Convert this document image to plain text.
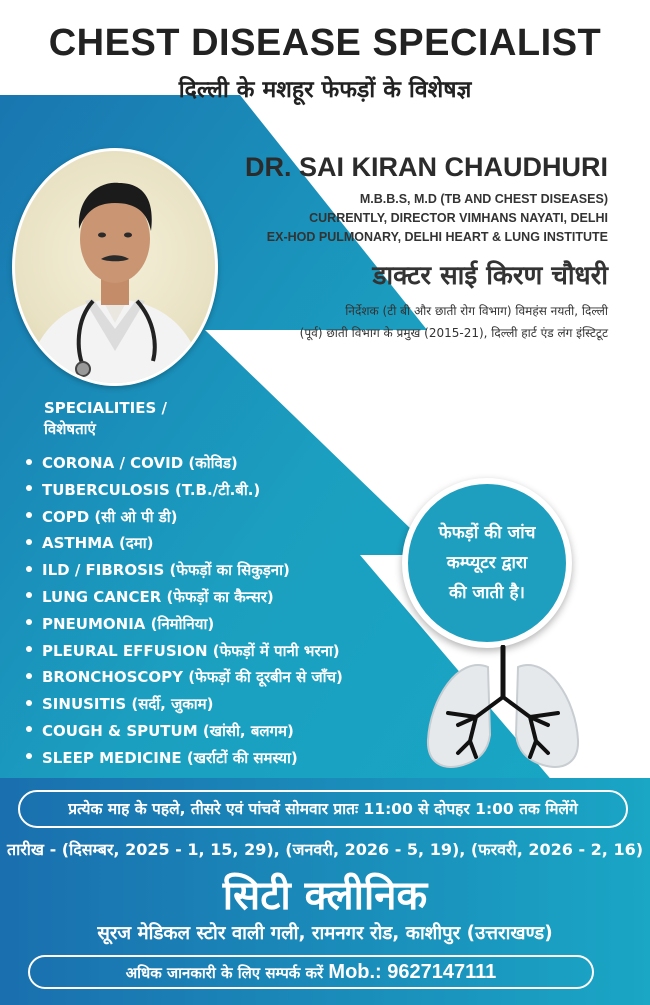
CHEST DISEASE SPECIALIST
दिल्ली के मशहूर फेफड़ों के विशेषज्ञ
DR. SAI KIRAN CHAUDHURI
M.B.B.S, M.D (TB AND CHEST DISEASES)
CURRENTLY, DIRECTOR VIMHANS NAYATI, DELHI
EX-HOD PULMONARY, DELHI HEART & LUNG INSTITUTE
डाक्टर साई किरण चौधरी
निर्देशक (टी बी और छाती रोग विभाग) विमहंस नयती, दिल्ली
(पूर्व) छाती विभाग के प्रमुख (2015-21), दिल्ली हार्ट एंड लंग इंस्टिटूट
SPECIALITIES /
विशेषताएं
CORONA / COVID (कोविड)
TUBERCULOSIS (T.B./टी.बी.)
COPD (सी ओ पी डी)
ASTHMA (दमा)
ILD / FIBROSIS (फेफड़ों का सिकुड़ना)
LUNG CANCER (फेफड़ों का कैन्सर)
PNEUMONIA (निमोनिया)
PLEURAL EFFUSION (फेफड़ों में पानी भरना)
BRONCHOSCOPY (फेफड़ों की दूरबीन से जाँच)
SINUSITIS (सर्दी, जुकाम)
COUGH & SPUTUM (खांसी, बलगम)
SLEEP MEDICINE (खर्राटों की समस्या)
फेफड़ों की जांच
कम्प्यूटर द्वारा
की जाती है।
प्रत्येक माह के पहले, तीसरे एवं पांचवें सोमवार प्रातः 11:00 से दोपहर 1:00 तक मिलेंगे
तारीख - (दिसम्बर, 2025 - 1, 15, 29), (जनवरी, 2026 - 5, 19), (फरवरी, 2026 - 2, 16)
सिटी क्लीनिक
सूरज मेडिकल स्टोर वाली गली, रामनगर रोड, काशीपुर (उत्तराखण्ड)
अधिक जानकारी के लिए सम्पर्क करें Mob.: 9627147111
